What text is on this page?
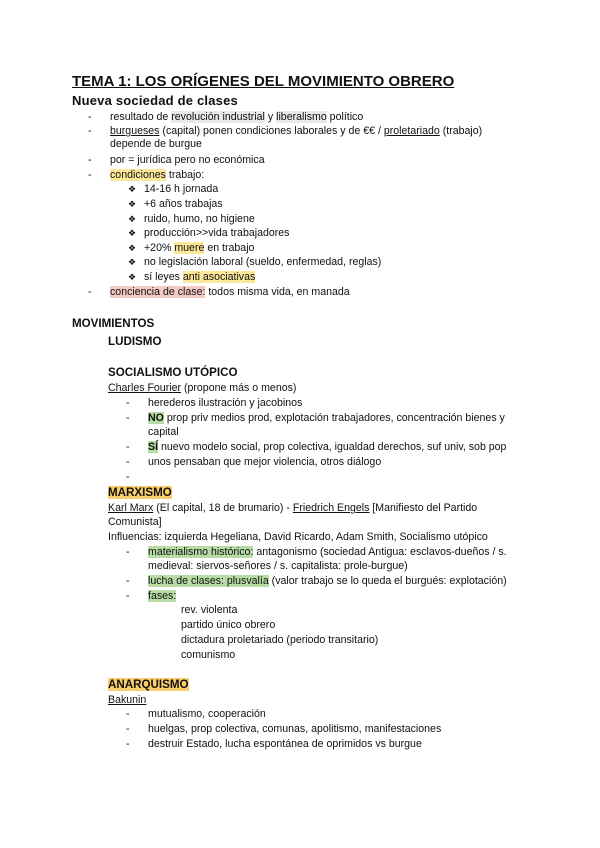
TEMA 1: LOS ORÍGENES DEL MOVIMIENTO OBRERO
Nueva sociedad de clases
- resultado de revolución industrial y liberalismo político
- burgueses (capital) ponen condiciones laborales y de €€ / proletariado (trabajo)
depende de burgue
- por = jurídica pero no económica
- condiciones trabajo:
❖ 14-16 h jornada
❖ +6 años trabajas
❖ ruido, humo, no higiene
❖ producción>>vida trabajadores
❖ +20% muere en trabajo
❖ no legislación laboral (sueldo, enfermedad, reglas)
❖ sí leyes anti asociativas
- conciencia de clase: todos misma vida, en manada
MOVIMIENTOS
LUDISMO
SOCIALISMO UTÓPICO
Charles Fourier (propone más o menos)
- herederos ilustración y jacobinos
- NO prop priv medios prod, explotación trabajadores, concentración bienes y
capital
- SÍ nuevo modelo social, prop colectiva, igualdad derechos, suf univ, sob pop
- unos pensaban que mejor violencia, otros diálogo
-
MARXISMO
Karl Marx (El capital, 18 de brumario) - Friedrich Engels [Manifiesto del Partido
Comunista]
Influencias: izquierda Hegeliana, David Ricardo, Adam Smith, Socialismo utópico
- materialismo histórico: antagonismo (sociedad Antigua: esclavos-dueños / s.
medieval: siervos-señores / s. capitalista: prole-burgue)
- lucha de clases: plusvalía (valor trabajo se lo queda el burgués: explotación)
- fases:
rev. violenta
partido único obrero
dictadura proletariado (periodo transitario)
comunismo
ANARQUISMO
Bakunin
- mutualismo, cooperación
- huelgas, prop colectiva, comunas, apolitismo, manifestaciones
- destruir Estado, lucha espontánea de oprimidos vs burgue
